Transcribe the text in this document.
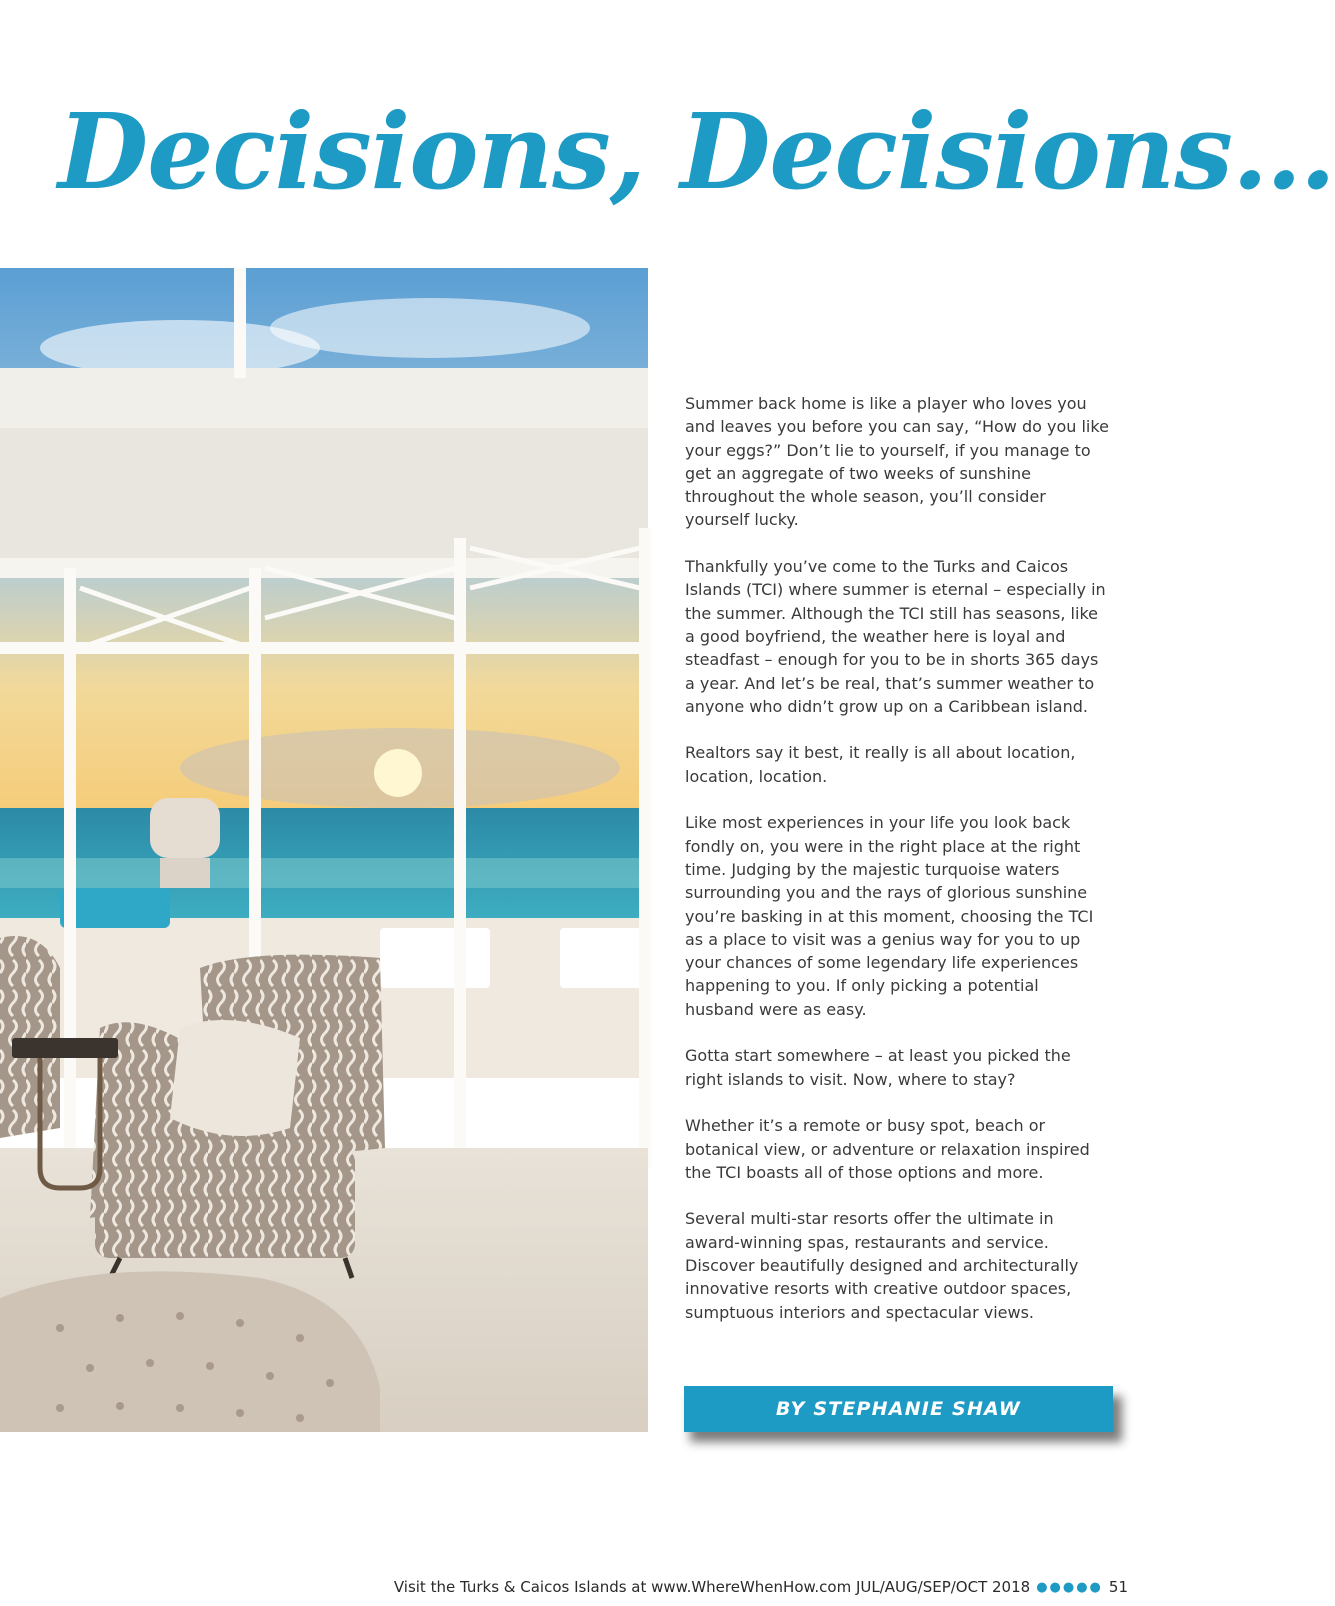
Decisions, Decisions…

Summer back home is like a player who loves you and leaves you before you can say, “How do you like your eggs?” Don’t lie to yourself, if you manage to get an aggregate of two weeks of sunshine throughout the whole season, you’ll consider yourself lucky.

Thankfully you’ve come to the Turks and Caicos Islands (TCI) where summer is eternal – especially in the summer. Although the TCI still has seasons, like a good boyfriend, the weather here is loyal and steadfast – enough for you to be in shorts 365 days a year. And let’s be real, that’s summer weather to anyone who didn’t grow up on a Caribbean island.

Realtors say it best, it really is all about location, location, location.

Like most experiences in your life you look back fondly on, you were in the right place at the right time. Judging by the majestic turquoise waters surrounding you and the rays of glorious sunshine you’re basking in at this moment, choosing the TCI as a place to visit was a genius way for you to up your chances of some legendary life experiences happening to you. If only picking a potential husband were as easy.

Gotta start somewhere – at least you picked the right islands to visit. Now, where to stay?

Whether it’s a remote or busy spot, beach or botanical view, or adventure or relaxation inspired the TCI boasts all of those options and more.

Several multi-star resorts offer the ultimate in award-winning spas, restaurants and service. Discover beautifully designed and architecturally innovative resorts with creative outdoor spaces, sumptuous interiors and spectacular views.

BY STEPHANIE SHAW
Visit the Turks & Caicos Islands at www.WhereWhenHow.com JUL/AUG/SEP/OCT 2018 ●●●●● 51
